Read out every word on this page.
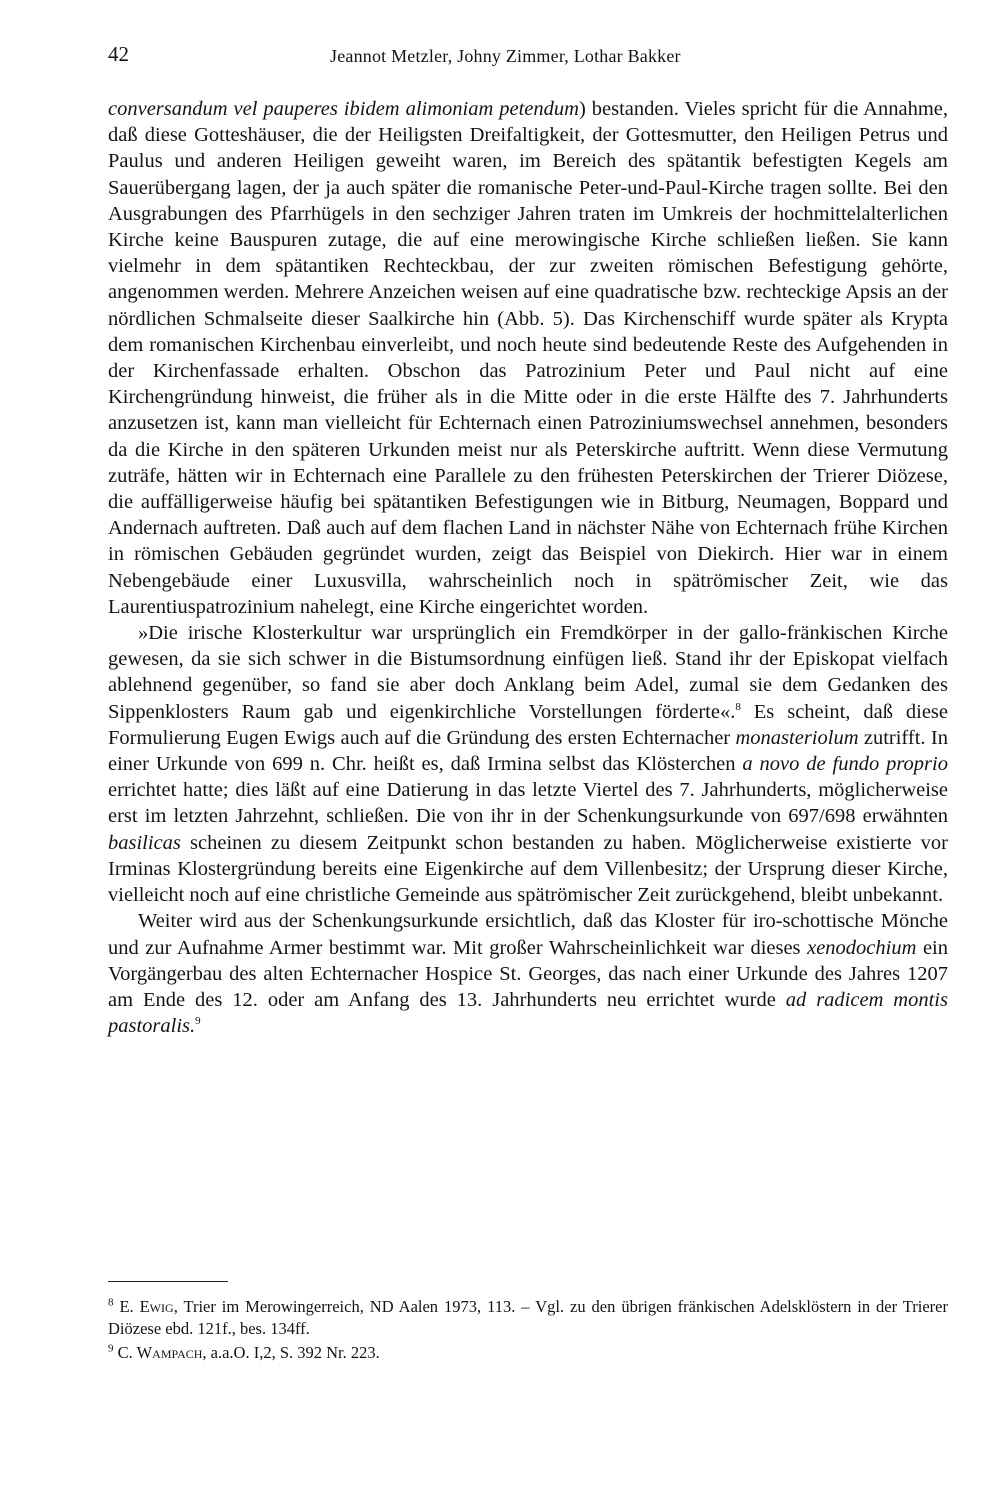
42	Jeannot Metzler, Johny Zimmer, Lothar Bakker

conversandum vel pauperes ibidem alimoniam petendum) bestanden. Vieles spricht für die Annahme, daß diese Gotteshäuser, die der Heiligsten Dreifaltigkeit, der Gottesmutter, den Heiligen Petrus und Paulus und anderen Heiligen geweiht waren, im Bereich des spätantik befestigten Kegels am Sauerübergang lagen, der ja auch später die romanische Peter-und-Paul-Kirche tragen sollte. Bei den Ausgrabungen des Pfarrhügels in den sechziger Jahren traten im Umkreis der hochmittelalterlichen Kirche keine Bauspuren zutage, die auf eine merowingische Kirche schließen ließen. Sie kann vielmehr in dem spätantiken Rechteckbau, der zur zweiten römischen Befestigung gehörte, angenommen werden. Mehrere Anzeichen weisen auf eine quadratische bzw. rechteckige Apsis an der nördlichen Schmalseite dieser Saalkirche hin (Abb. 5). Das Kirchenschiff wurde später als Krypta dem romanischen Kirchenbau einverleibt, und noch heute sind bedeutende Reste des Aufgehenden in der Kirchenfassade erhalten. Obschon das Patrozinium Peter und Paul nicht auf eine Kirchengründung hinweist, die früher als in die Mitte oder in die erste Hälfte des 7. Jahrhunderts anzusetzen ist, kann man vielleicht für Echternach einen Patroziniumswechsel annehmen, besonders da die Kirche in den späteren Urkunden meist nur als Peterskirche auftritt. Wenn diese Vermutung zuträfe, hätten wir in Echternach eine Parallele zu den frühesten Peterskirchen der Trierer Diözese, die auffälligerweise häufig bei spätantiken Befestigungen wie in Bitburg, Neumagen, Boppard und Andernach auftreten. Daß auch auf dem flachen Land in nächster Nähe von Echternach frühe Kirchen in römischen Gebäuden gegründet wurden, zeigt das Beispiel von Diekirch. Hier war in einem Nebengebäude einer Luxusvilla, wahrscheinlich noch in spätrömischer Zeit, wie das Laurentiuspatrozinium nahelegt, eine Kirche eingerichtet worden.

»Die irische Klosterkultur war ursprünglich ein Fremdkörper in der gallo-fränkischen Kirche gewesen, da sie sich schwer in die Bistumsordnung einfügen ließ. Stand ihr der Episkopat vielfach ablehnend gegenüber, so fand sie aber doch Anklang beim Adel, zumal sie dem Gedanken des Sippenklosters Raum gab und eigenkirchliche Vorstellungen förderte«.$^8$ Es scheint, daß diese Formulierung Eugen Ewigs auch auf die Gründung des ersten Echternacher monasteriolum zutrifft. In einer Urkunde von 699 n. Chr. heißt es, daß Irmina selbst das Klösterchen a novo de fundo proprio errichtet hatte; dies läßt auf eine Datierung in das letzte Viertel des 7. Jahrhunderts, möglicherweise erst im letzten Jahrzehnt, schließen. Die von ihr in der Schenkungsurkunde von 697/698 erwähnten basilicas scheinen zu diesem Zeitpunkt schon bestanden zu haben. Möglicherweise existierte vor Irminas Klostergründung bereits eine Eigenkirche auf dem Villenbesitz; der Ursprung dieser Kirche, vielleicht noch auf eine christliche Gemeinde aus spätrömischer Zeit zurückgehend, bleibt unbekannt.

Weiter wird aus der Schenkungsurkunde ersichtlich, daß das Kloster für iro-schottische Mönche und zur Aufnahme Armer bestimmt war. Mit großer Wahrscheinlichkeit war dieses xenodochium ein Vorgängerbau des alten Echternacher Hospice St. Georges, das nach einer Urkunde des Jahres 1207 am Ende des 12. oder am Anfang des 13. Jahrhunderts neu errichtet wurde ad radicem montis pastoralis.$^9$

$^8$ E. Ewig, Trier im Merowingerreich, ND Aalen 1973, 113. – Vgl. zu den übrigen fränkischen Adelsklöstern in der Trierer Diözese ebd. 121f., bes. 134ff.

$^9$ C. Wampach, a.a.O. I,2, S. 392 Nr. 223.
